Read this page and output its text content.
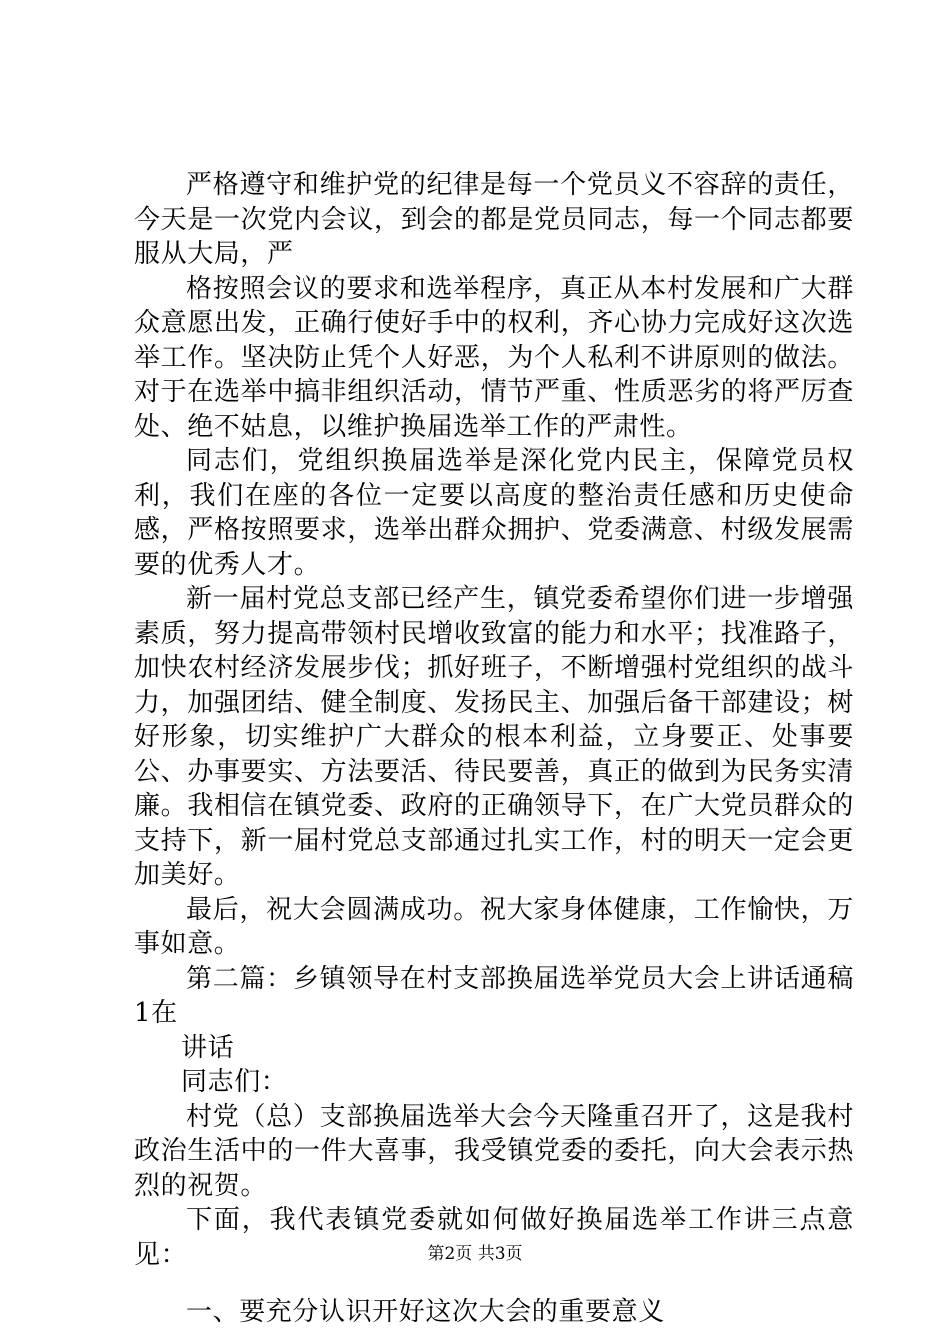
严格遵守和维护党的纪律是每一个党员义不容辞的责任，今天是一次党内会议，到会的都是党员同志，每一个同志都要服从大局，严

格按照会议的要求和选举程序，真正从本村发展和广大群众意愿出发，正确行使好手中的权利，齐心协力完成好这次选举工作。坚决防止凭个人好恶，为个人私利不讲原则的做法。对于在选举中搞非组织活动，情节严重、性质恶劣的将严厉查处、绝不姑息，以维护换届选举工作的严肃性。

同志们，党组织换届选举是深化党内民主，保障党员权利，我们在座的各位一定要以高度的整治责任感和历史使命感，严格按照要求，选举出群众拥护、党委满意、村级发展需要的优秀人才。

新一届村党总支部已经产生，镇党委希望你们进一步增强素质，努力提高带领村民增收致富的能力和水平；找准路子，加快农村经济发展步伐；抓好班子，不断增强村党组织的战斗力，加强团结、健全制度、发扬民主、加强后备干部建设；树好形象，切实维护广大群众的根本利益，立身要正、处事要公、办事要实、方法要活、待民要善，真正的做到为民务实清廉。我相信在镇党委、政府的正确领导下，在广大党员群众的支持下，新一届村党总支部通过扎实工作，村的明天一定会更加美好。

最后，祝大会圆满成功。祝大家身体健康，工作愉快，万事如意。

第二篇：乡镇领导在村支部换届选举党员大会上讲话通稿1在

讲话

同志们：

村党（总）支部换届选举大会今天隆重召开了，这是我村政治生活中的一件大喜事，我受镇党委的委托，向大会表示热烈的祝贺。

下面，我代表镇党委就如何做好换届选举工作讲三点意见：

一、要充分认识开好这次大会的重要意义

第2页 共3页
